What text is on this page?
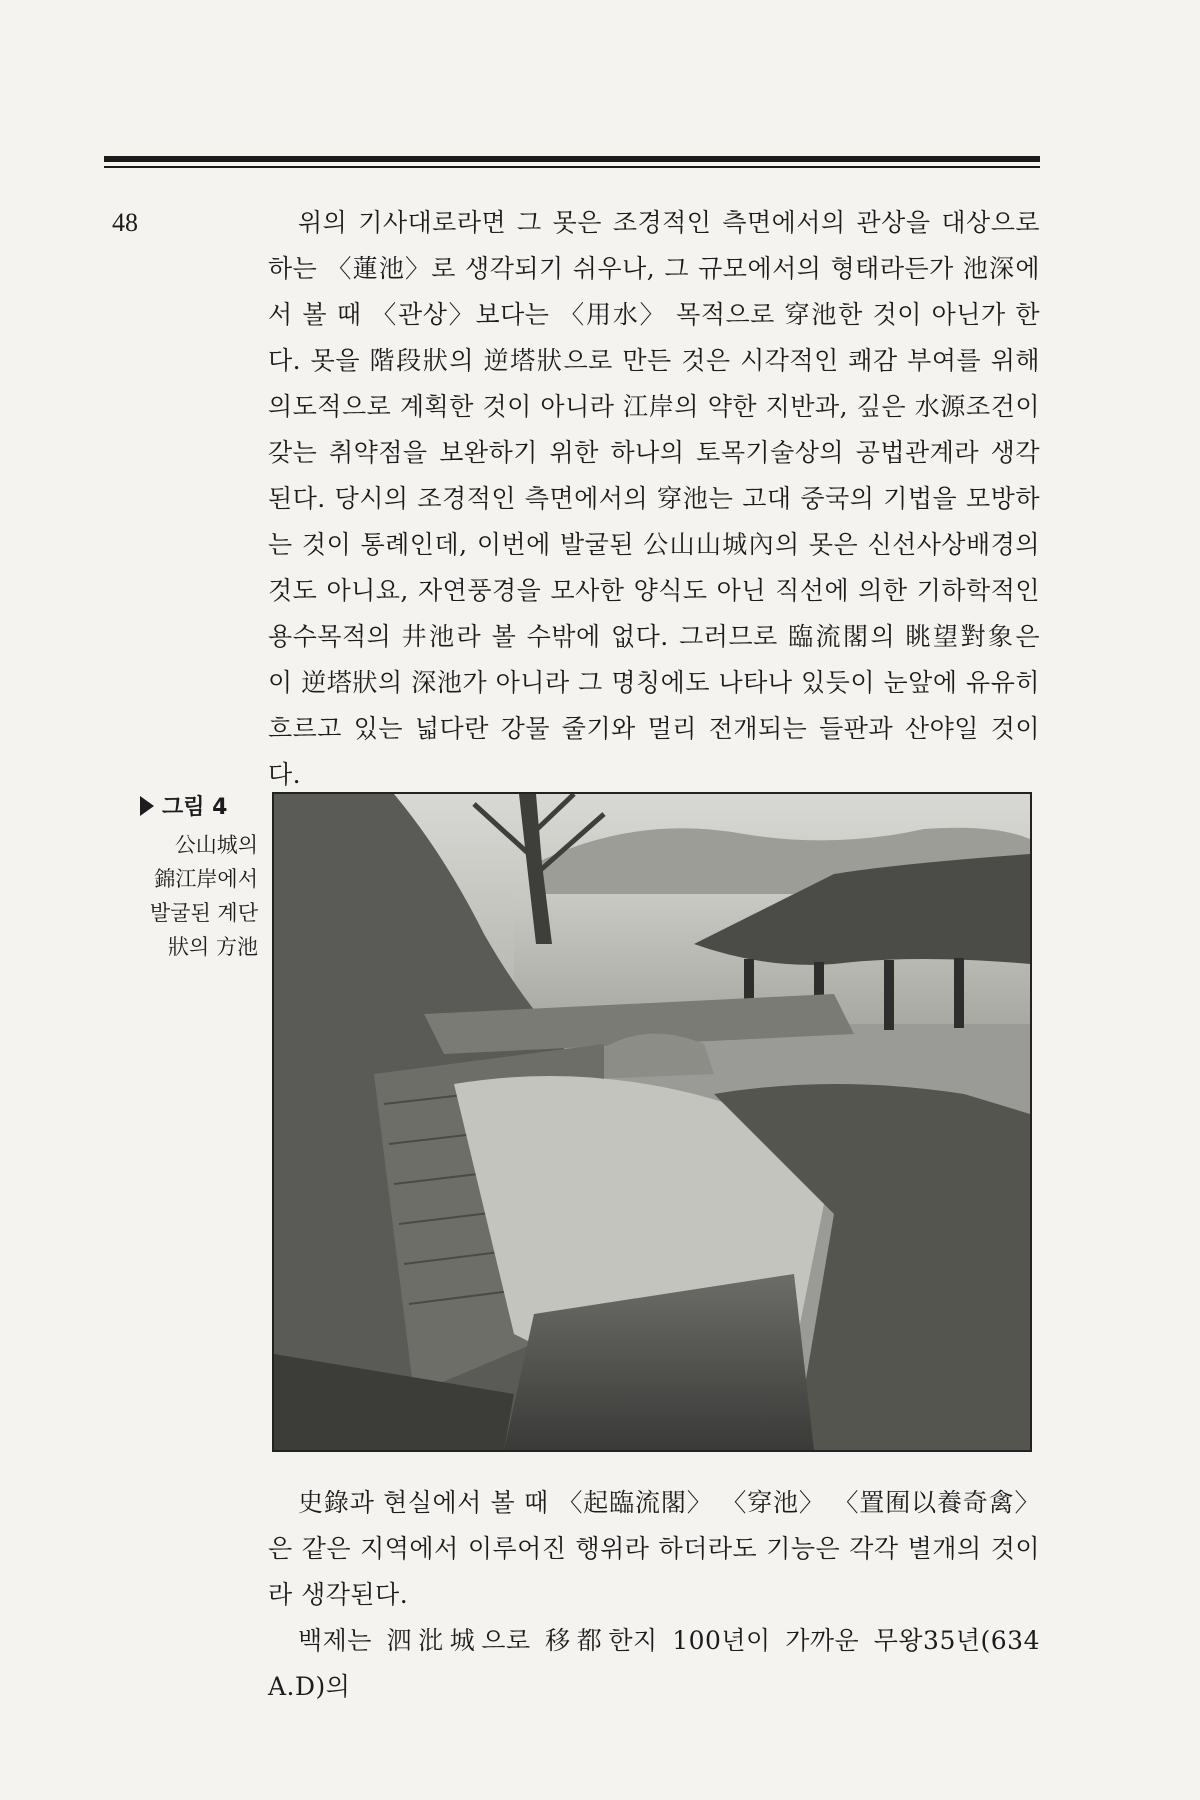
48	위의 기사대로라면 그 못은 조경적인 측면에서의 관상을 대상으로 하는 〈蓮池〉로 생각되기 쉬우나, 그 규모에서의 형태라든가 池深에서 볼 때 〈관상〉보다는 〈用水〉 목적으로 穿池한 것이 아닌가 한다. 못을 階段狀의 逆塔狀으로 만든 것은 시각적인 쾌감 부여를 위해 의도적으로 계획한 것이 아니라 江岸의 약한 지반과, 깊은 水源조건이 갖는 취약점을 보완하기 위한 하나의 토목기술상의 공법관계라 생각된다. 당시의 조경적인 측면에서의 穿池는 고대 중국의 기법을 모방하는 것이 통례인데, 이번에 발굴된 公山山城內의 못은 신선사상배경의 것도 아니요, 자연풍경을 모사한 양식도 아닌 직선에 의한 기하학적인 용수목적의 井池라 볼 수밖에 없다. 그러므로 臨流閣의 眺望對象은 이 逆塔狀의 深池가 아니라 그 명칭에도 나타나 있듯이 눈앞에 유유히 흐르고 있는 넓다란 강물 줄기와 멀리 전개되는 들판과 산야일 것이다.

그림 4
公山城의
錦江岸에서
발굴된 계단
狀의 方池

史錄과 현실에서 볼 때 〈起臨流閣〉 〈穿池〉 〈置囿以養奇禽〉은 같은 지역에서 이루어진 행위라 하더라도 기능은 각각 별개의 것이라 생각된다.

백제는 泗沘城으로 移都한지 100년이 가까운 무왕35년(634 A.D)의
